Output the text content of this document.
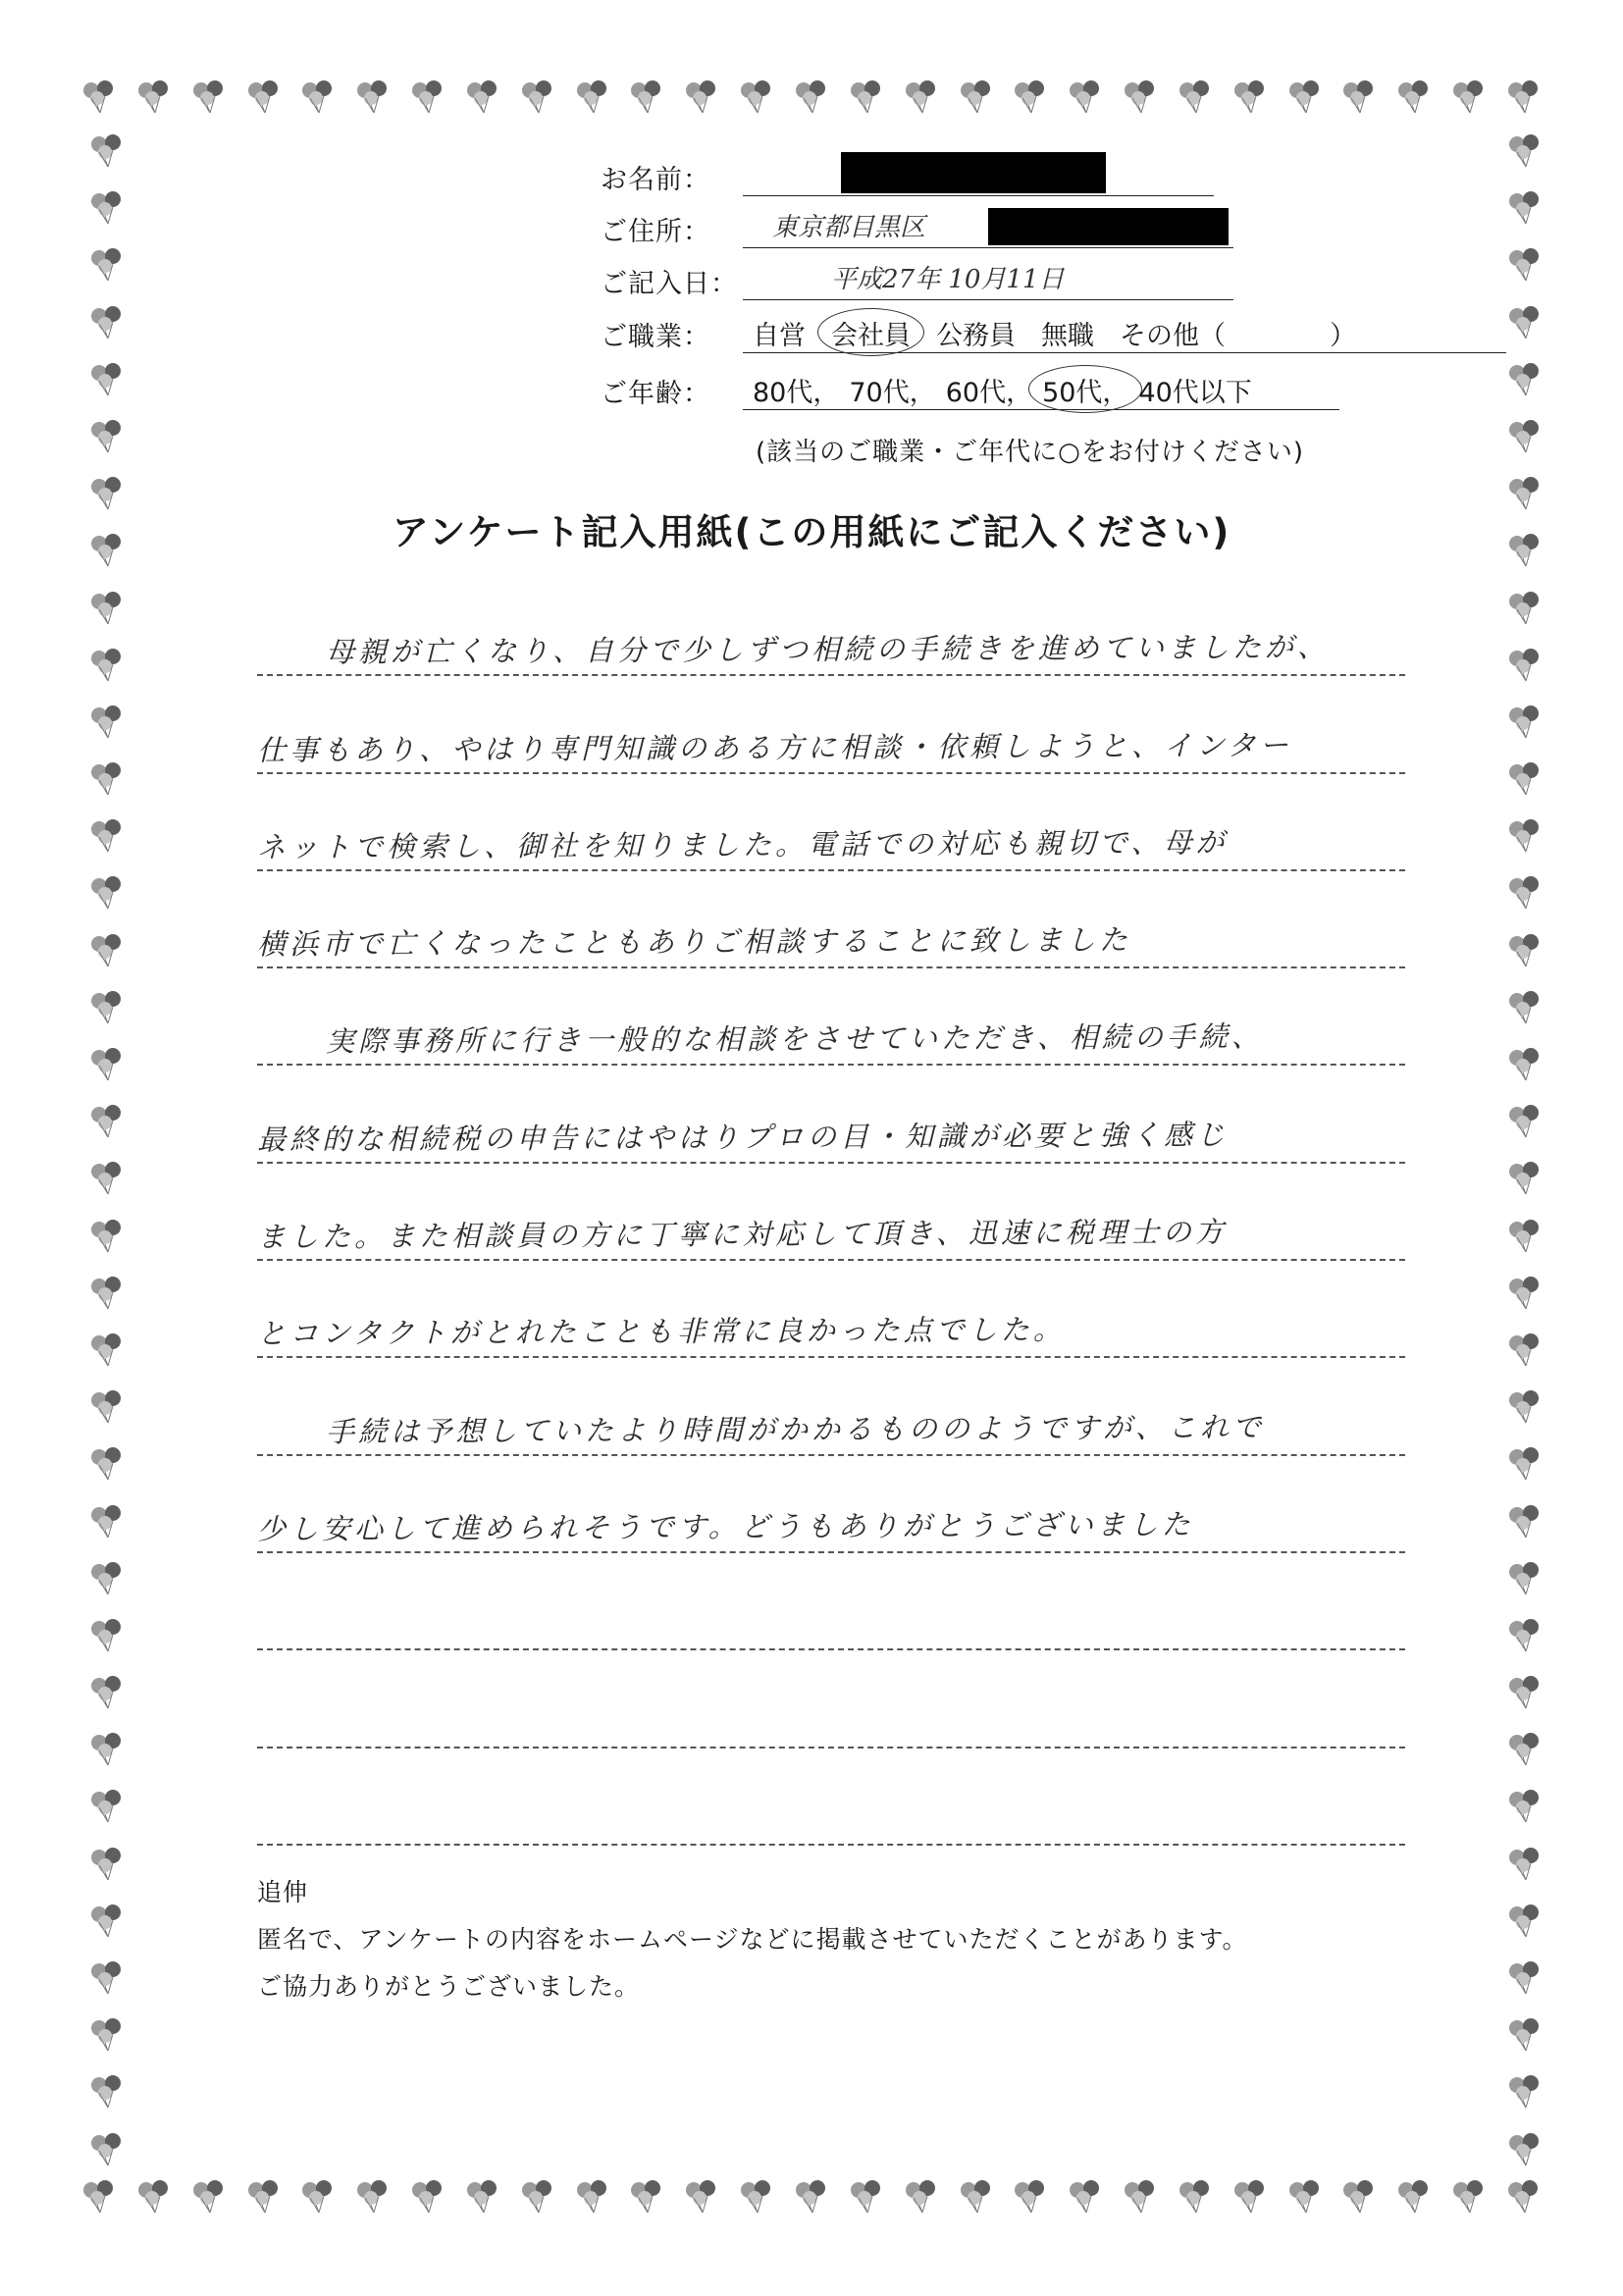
お名前：
ご住所：	東京都目黒区
ご記入日：	平成27年 10月11日
ご職業：	自営 会社員 公務員 無職 その他（	）
ご年齢：	80代， 70代， 60代， 50代， 40代以下
(該当のご職業・ご年代に○をお付けください)
アンケート記入用紙(この用紙にご記入ください)
母親が亡くなり、自分で少しずつ相続の手続きを進めていましたが、
仕事もあり、やはり専門知識のある方に相談・依頼しようと、インター
ネットで検索し、御社を知りました。電話での対応も親切で、母が
横浜市で亡くなったこともありご相談することに致しました
実際事務所に行き一般的な相談をさせていただき、相続の手続、
最終的な相続税の申告にはやはりプロの目・知識が必要と強く感じ
ました。また相談員の方に丁寧に対応して頂き、迅速に税理士の方
とコンタクトがとれたことも非常に良かった点でした。
手続は予想していたより時間がかかるもののようですが、これで
少し安心して進められそうです。どうもありがとうございました
追伸
匿名で、アンケートの内容をホームページなどに掲載させていただくことがあります。
ご協力ありがとうございました。
